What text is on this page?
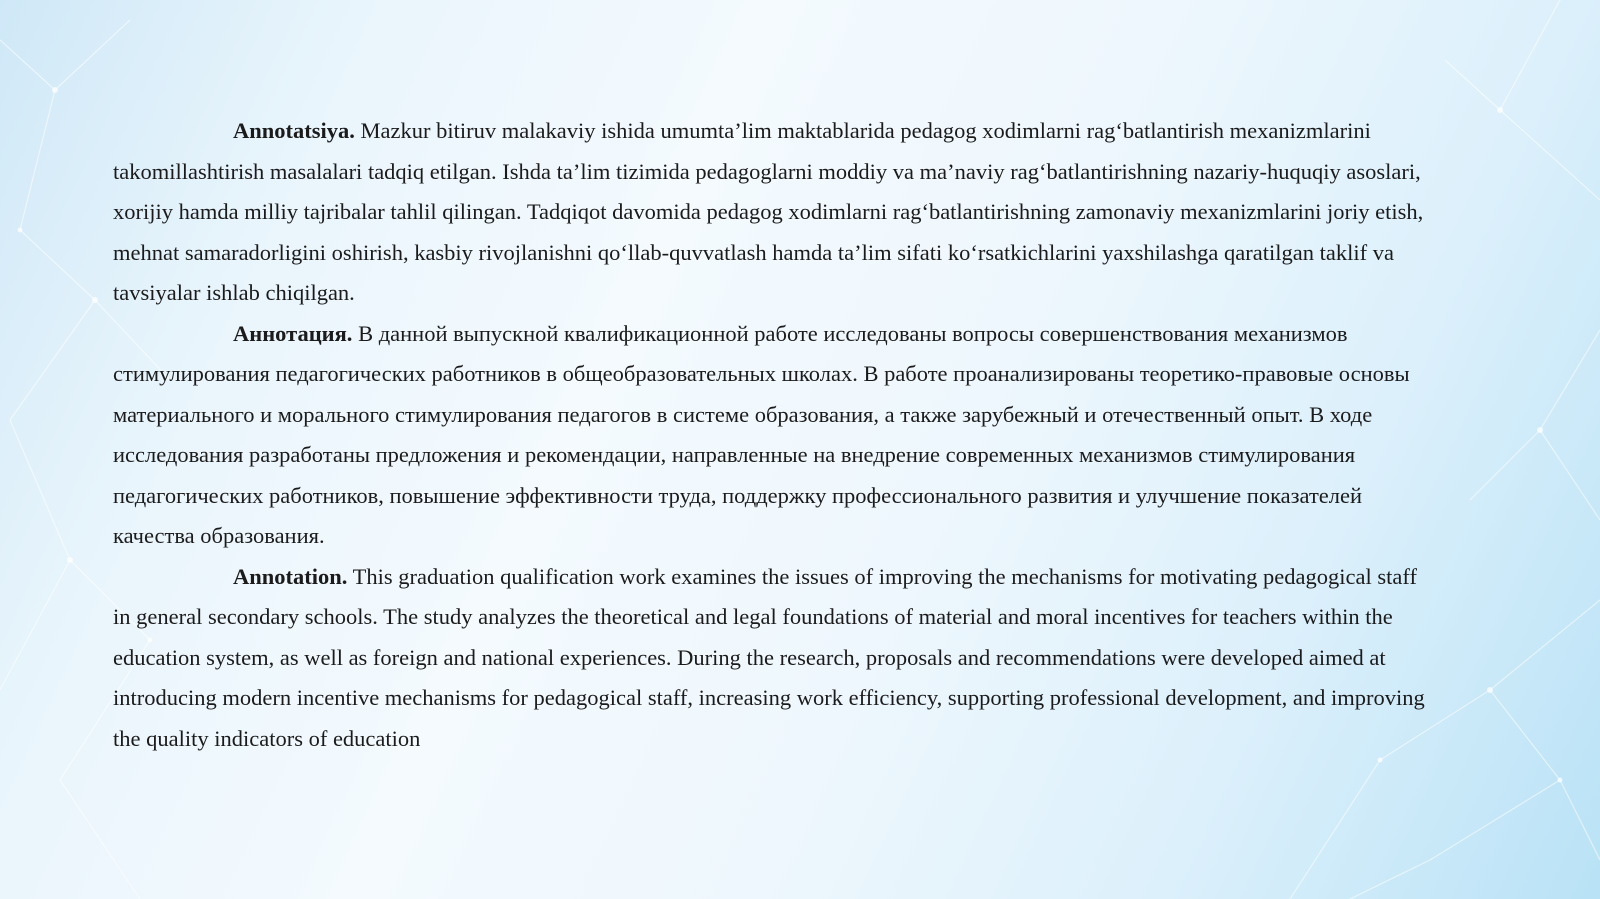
Annotatsiya. Mazkur bitiruv malakaviy ishida umumta’lim maktablarida pedagog xodimlarni rag‘batlantirish mexanizmlarini takomillashtirish masalalari tadqiq etilgan. Ishda ta’lim tizimida pedagoglarni moddiy va ma’naviy rag‘batlantirishning nazariy-huquqiy asoslari, xorijiy hamda milliy tajribalar tahlil qilingan. Tadqiqot davomida pedagog xodimlarni rag‘batlantirishning zamonaviy mexanizmlarini joriy etish, mehnat samaradorligini oshirish, kasbiy rivojlanishni qo‘llab-quvvatlash hamda ta’lim sifati ko‘rsatkichlarini yaxshilashga qaratilgan taklif va tavsiyalar ishlab chiqilgan.

Аннотация. В данной выпускной квалификационной работе исследованы вопросы совершенствования механизмов стимулирования педагогических работников в общеобразовательных школах. В работе проанализированы теоретико-правовые основы материального и морального стимулирования педагогов в системе образования, а также зарубежный и отечественный опыт. В ходе исследования разработаны предложения и рекомендации, направленные на внедрение современных механизмов стимулирования педагогических работников, повышение эффективности труда, поддержку профессионального развития и улучшение показателей качества образования.

Annotation. This graduation qualification work examines the issues of improving the mechanisms for motivating pedagogical staff in general secondary schools. The study analyzes the theoretical and legal foundations of material and moral incentives for teachers within the education system, as well as foreign and national experiences. During the research, proposals and recommendations were developed aimed at introducing modern incentive mechanisms for pedagogical staff, increasing work efficiency, supporting professional development, and improving the quality indicators of education
